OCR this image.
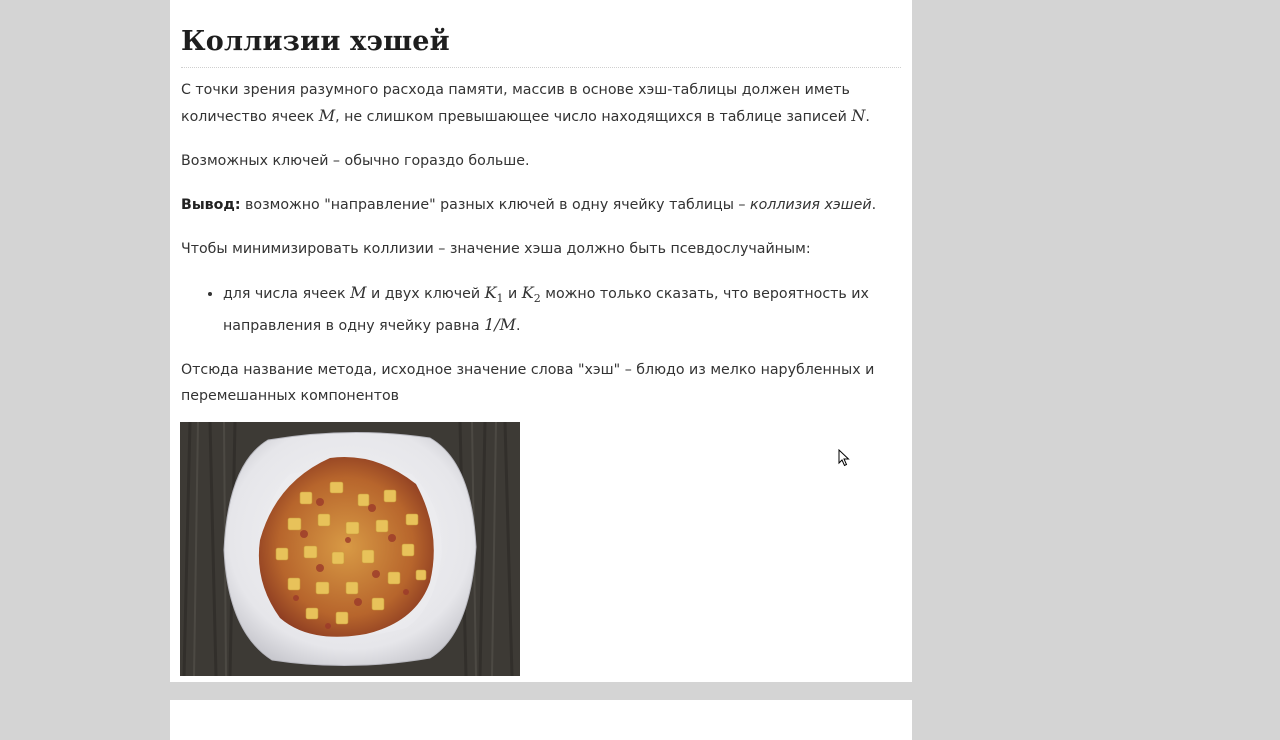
Коллизии хэшей

С точки зрения разумного расхода памяти, массив в основе хэш-таблицы должен иметь количество ячеек M, не слишком превышающее число находящихся в таблице записей N.

Возможных ключей – обычно гораздо больше.

Вывод: возможно "направление" разных ключей в одну ячейку таблицы – коллизия хэшей.

Чтобы минимизировать коллизии – значение хэша должно быть псевдослучайным:

• для числа ячеек M и двух ключей $K_1$ и $K_2$ можно только сказать, что вероятность их направления в одну ячейку равна 1/M.

Отсюда название метода, исходное значение слова "хэш" – блюдо из мелко нарубленных и перемешанных компонентов
